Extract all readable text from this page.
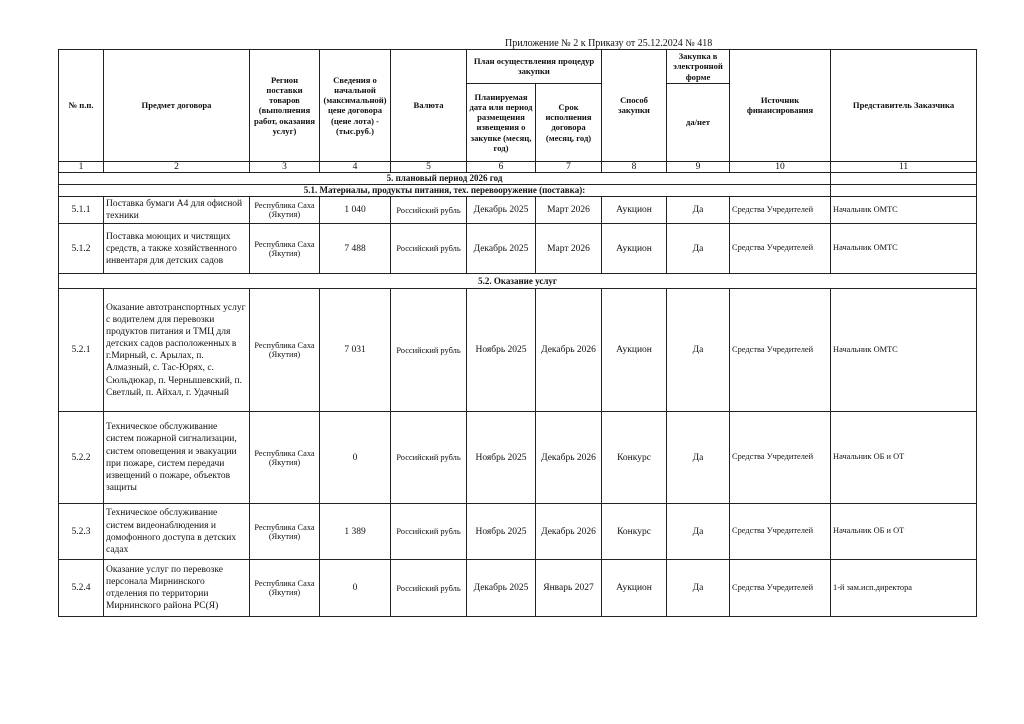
Приложение № 2 к Приказу от 25.12.2024 № 418
№ п.п.	Предмет договора	Регион поставки товаров (выполнения работ, оказания услуг)	Сведения о начальной (максимальной) цене договора (цене лота) - (тыс.руб.)	Валюта	План осуществления процедур закупки		Способ закупки	Закупка в электронной форме	Источник финансирования	Представитель Заказчика
					Планируемая дата или период размещения извещения о закупке (месяц, год)	Срок исполнения договора (месяц, год)		да/нет		
1	2	3	4	5	6	7	8	9	10	11
5. плановый период 2026 год										
5.1. Материалы, продукты питания, тех. перевооружение (поставка):										
5.1.1	Поставка бумаги А4 для офисной техники	Республика Саха (Якутия)	1 040	Российский рубль	Декабрь 2025	Март 2026	Аукцион	Да	Средства Учредителей	Начальник ОМТС
5.1.2	Поставка моющих и чистящих средств, а также хозяйственного инвентаря для детских садов	Республика Саха (Якутия)	7 488	Российский рубль	Декабрь 2025	Март 2026	Аукцион	Да	Средства Учредителей	Начальник ОМТС
5.2. Оказание услуг										
5.2.1	Оказание автотранспортных услуг с водителем для перевозки продуктов питания и ТМЦ для детских садов расположенных в г.Мирный, с. Арылах, п. Алмазный, с. Тас-Юрях, с. Сюльдюкар, п. Чернышевский, п. Светлый, п. Айхал, г. Удачный	Республика Саха (Якутия)	7 031	Российский рубль	Ноябрь 2025	Декабрь 2026	Аукцион	Да	Средства Учредителей	Начальник ОМТС
5.2.2	Техническое обслуживание систем пожарной сигнализации, систем оповещения и эвакуации при пожаре, систем передачи извещений о пожаре, объектов защиты	Республика Саха (Якутия)	0	Российский рубль	Ноябрь 2025	Декабрь 2026	Конкурс	Да	Средства Учредителей	Начальник ОБ и ОТ
5.2.3	Техническое обслуживание систем видеонаблюдения и домофонного доступа в детских садах	Республика Саха (Якутия)	1 389	Российский рубль	Ноябрь 2025	Декабрь 2026	Конкурс	Да	Средства Учредителей	Начальник ОБ и ОТ
5.2.4	Оказание услуг по перевозке персонала Мирнинского отделения по территории Мирнинского района РС(Я)	Республика Саха (Якутия)	0	Российский рубль	Декабрь 2025	Январь 2027	Аукцион	Да	Средства Учредителей	1-й зам.исп.директора
